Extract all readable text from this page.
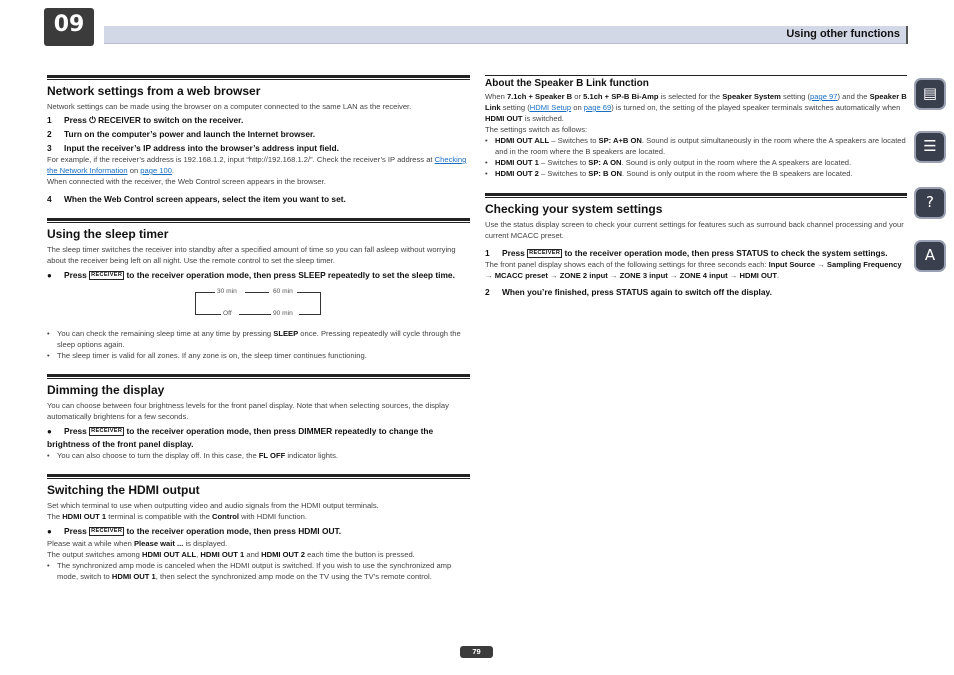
09	Using other functions
Network settings from a web browser

Network settings can be made using the browser on a computer connected to the same LAN as the receiver.

1 Press ⏻ RECEIVER to switch on the receiver.

2 Turn on the computer’s power and launch the Internet browser.

3 Input the receiver’s IP address into the browser’s address input field.

For example, if the receiver’s address is 192.168.1.2, input “http://192.168.1.2/”. Check the receiver’s IP address at Checking the Network Information on page 100.

When connected with the receiver, the Web Control screen appears in the browser.

4 When the Web Control screen appears, select the item you want to set.

Using the sleep timer

The sleep timer switches the receiver into standby after a specified amount of time so you can fall asleep without worrying about the receiver being left on all night. Use the remote control to set the sleep timer.

● Press RECEIVER to the receiver operation mode, then press SLEEP repeatedly to set the sleep time.

30 min	60 min
90 min
Off
• You can check the remaining sleep time at any time by pressing SLEEP once. Pressing repeatedly will cycle through the sleep options again.
• The sleep timer is valid for all zones. If any zone is on, the sleep timer continues functioning.
Dimming the display

You can choose between four brightness levels for the front panel display. Note that when selecting sources, the display automatically brightens for a few seconds.

● Press RECEIVER to the receiver operation mode, then press DIMMER repeatedly to change the brightness of the front panel display.

• You can also choose to turn the display off. In this case, the FL OFF indicator lights.
Switching the HDMI output

Set which terminal to use when outputting video and audio signals from the HDMI output terminals.

The HDMI OUT 1 terminal is compatible with the Control with HDMI function.

● Press RECEIVER to the receiver operation mode, then press HDMI OUT.

Please wait a while when Please wait ... is displayed.

The output switches among HDMI OUT ALL, HDMI OUT 1 and HDMI OUT 2 each time the button is pressed.

• The synchronized amp mode is canceled when the HDMI output is switched. If you wish to use the synchronized amp mode, switch to HDMI OUT 1, then select the synchronized amp mode on the TV using the TV’s remote control.
About the Speaker B Link function

When 7.1ch + Speaker B or 5.1ch + SP-B Bi-Amp is selected for the Speaker System setting (page 97) and the Speaker B Link setting (HDMI Setup on page 69) is turned on, the setting of the played speaker terminals switches automatically when HDMI OUT is switched.

The settings switch as follows:

• HDMI OUT ALL – Switches to SP: A+B ON. Sound is output simultaneously in the room where the A speakers are located and in the room where the B speakers are located.
• HDMI OUT 1 – Switches to SP: A ON. Sound is only output in the room where the A speakers are located.
• HDMI OUT 2 – Switches to SP: B ON. Sound is only output in the room where the B speakers are located.
Checking your system settings

Use the status display screen to check your current settings for features such as surround back channel processing and your current MCACC preset.

1 Press RECEIVER to the receiver operation mode, then press STATUS to check the system settings.

The front panel display shows each of the following settings for three seconds each: Input Source → Sampling Frequency → MCACC preset → ZONE 2 input → ZONE 3 input → ZONE 4 input → HDMI OUT.

2 When you’re finished, press STATUS again to switch off the display.

▤
☰
?
A
79
